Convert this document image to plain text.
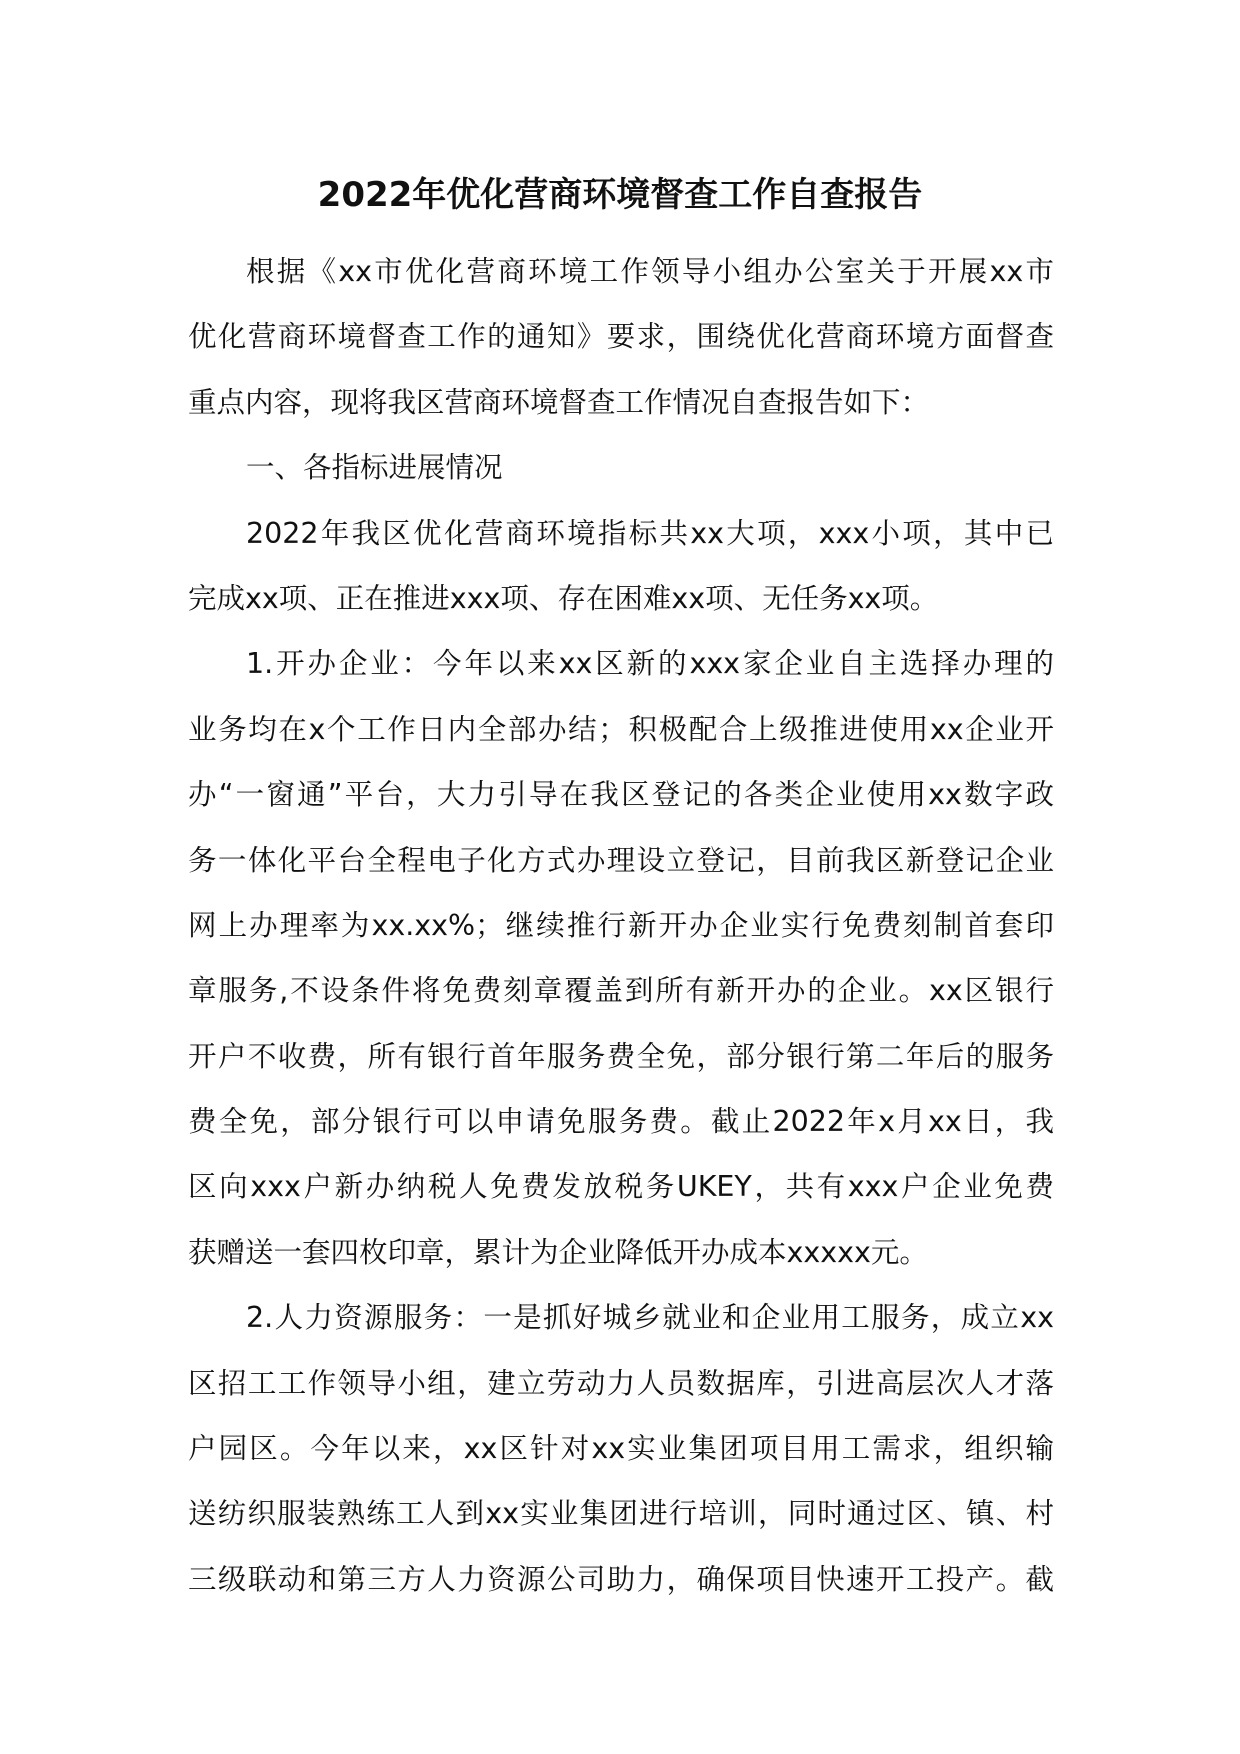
2022年优化营商环境督查工作自查报告
根据《xx市优化营商环境工作领导小组办公室关于开展xx市
优化营商环境督查工作的通知》要求，围绕优化营商环境方面督查
重点内容，现将我区营商环境督查工作情况自查报告如下：
一、各指标进展情况
2022年我区优化营商环境指标共xx大项，xxx小项，其中已
完成xx项、正在推进xxx项、存在困难xx项、无任务xx项。
1.开办企业：今年以来xx区新的xxx家企业自主选择办理的
业务均在x个工作日内全部办结；积极配合上级推进使用xx企业开
办“一窗通”平台，大力引导在我区登记的各类企业使用xx数字政
务一体化平台全程电子化方式办理设立登记，目前我区新登记企业
网上办理率为xx.xx%；继续推行新开办企业实行免费刻制首套印
章服务,不设条件将免费刻章覆盖到所有新开办的企业。xx区银行
开户不收费，所有银行首年服务费全免，部分银行第二年后的服务
费全免，部分银行可以申请免服务费。截止2022年x月xx日，我
区向xxx户新办纳税人免费发放税务UKEY，共有xxx户企业免费
获赠送一套四枚印章，累计为企业降低开办成本xxxxx元。
2.人力资源服务：一是抓好城乡就业和企业用工服务，成立xx
区招工工作领导小组，建立劳动力人员数据库，引进高层次人才落
户园区。今年以来，xx区针对xx实业集团项目用工需求，组织输
送纺织服装熟练工人到xx实业集团进行培训，同时通过区、镇、村
三级联动和第三方人力资源公司助力，确保项目快速开工投产。截
